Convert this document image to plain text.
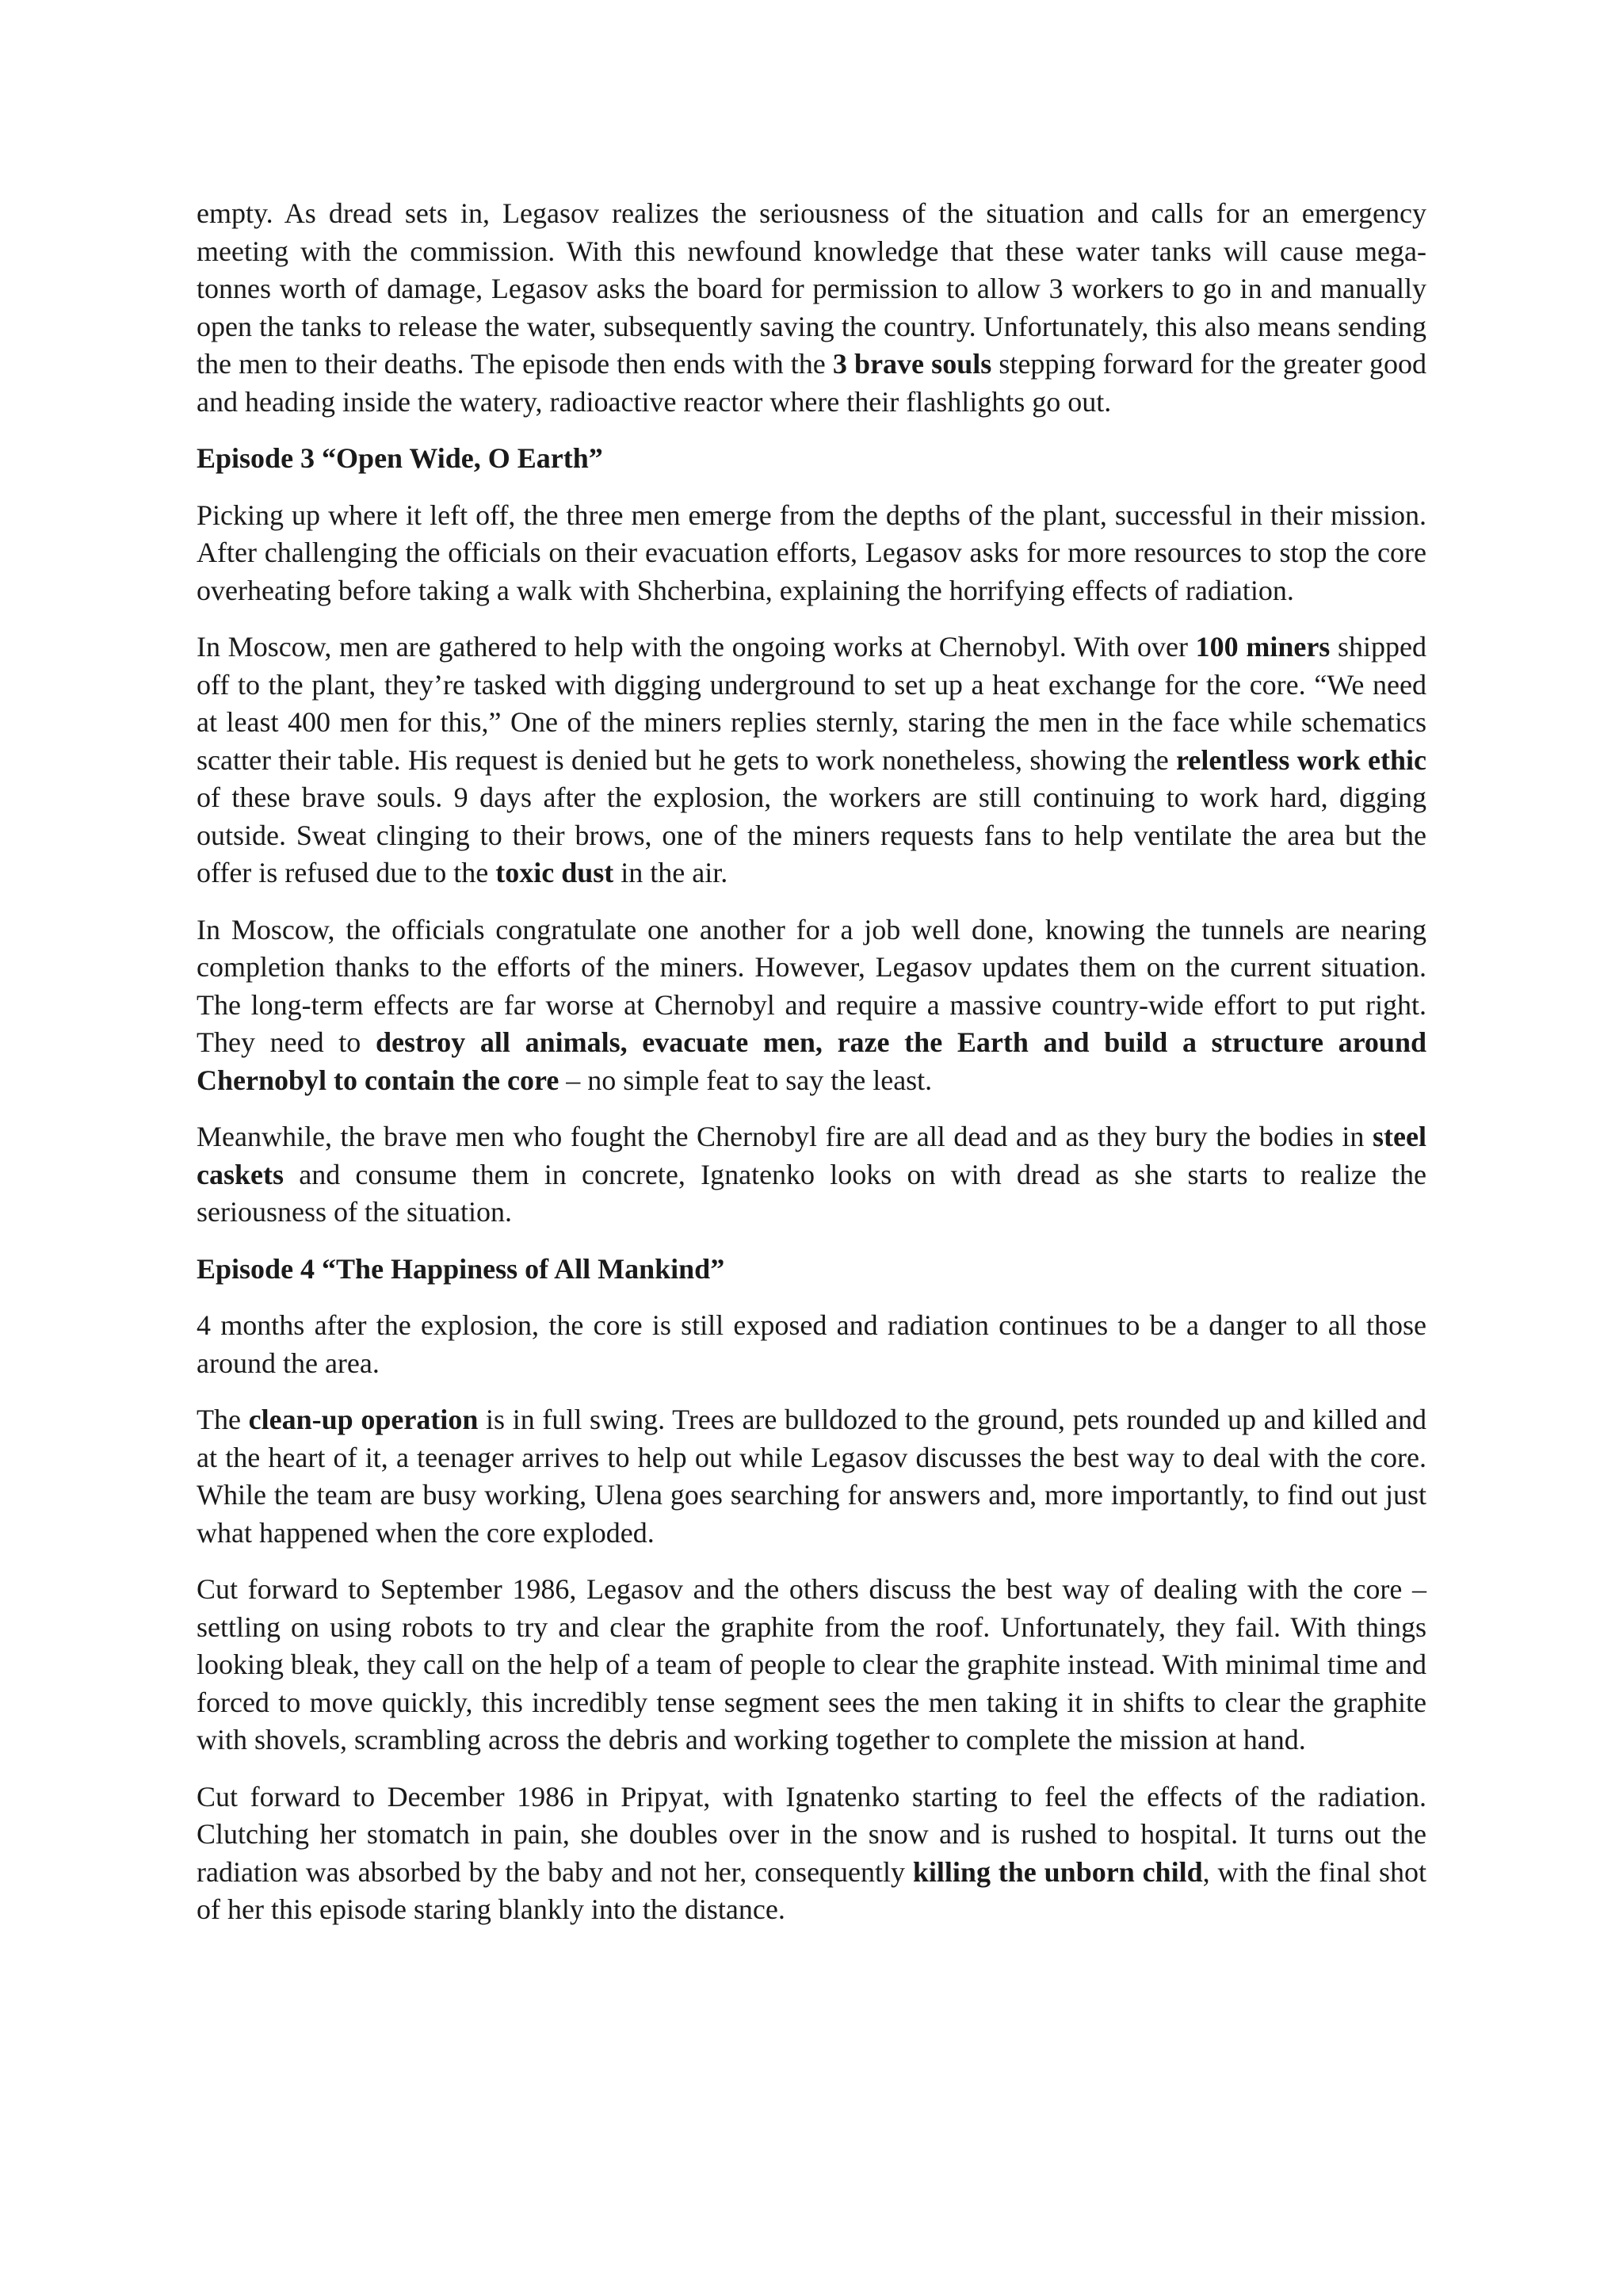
empty. As dread sets in, Legasov realizes the seriousness of the situation and calls for an emergency meeting with the commission. With this newfound knowledge that these water tanks will cause mega-tonnes worth of damage, Legasov asks the board for permission to allow 3 workers to go in and manually open the tanks to release the water, subsequently saving the country. Unfortunately, this also means sending the men to their deaths. The episode then ends with the 3 brave souls stepping forward for the greater good and heading inside the watery, radioactive reactor where their flashlights go out.

Episode 3 “Open Wide, O Earth”

Picking up where it left off, the three men emerge from the depths of the plant, successful in their mission. After challenging the officials on their evacuation efforts, Legasov asks for more resources to stop the core overheating before taking a walk with Shcherbina, explaining the horrifying effects of radiation.

In Moscow, men are gathered to help with the ongoing works at Chernobyl. With over 100 miners shipped off to the plant, they’re tasked with digging underground to set up a heat exchange for the core. “We need at least 400 men for this,” One of the miners replies sternly, staring the men in the face while schematics scatter their table. His request is denied but he gets to work nonetheless, showing the relentless work ethic of these brave souls. 9 days after the explosion, the workers are still continuing to work hard, digging outside. Sweat clinging to their brows, one of the miners requests fans to help ventilate the area but the offer is refused due to the toxic dust in the air.

In Moscow, the officials congratulate one another for a job well done, knowing the tunnels are nearing completion thanks to the efforts of the miners. However, Legasov updates them on the current situation. The long-term effects are far worse at Chernobyl and require a massive country-wide effort to put right. They need to destroy all animals, evacuate men, raze the Earth and build a structure around Chernobyl to contain the core – no simple feat to say the least.

Meanwhile, the brave men who fought the Chernobyl fire are all dead and as they bury the bodies in steel caskets and consume them in concrete, Ignatenko looks on with dread as she starts to realize the seriousness of the situation.

Episode 4 “The Happiness of All Mankind”

4 months after the explosion, the core is still exposed and radiation continues to be a danger to all those around the area.

The clean-up operation is in full swing. Trees are bulldozed to the ground, pets rounded up and killed and at the heart of it, a teenager arrives to help out while Legasov discusses the best way to deal with the core. While the team are busy working, Ulena goes searching for answers and, more importantly, to find out just what happened when the core exploded.

Cut forward to September 1986, Legasov and the others discuss the best way of dealing with the core – settling on using robots to try and clear the graphite from the roof. Unfortunately, they fail. With things looking bleak, they call on the help of a team of people to clear the graphite instead. With minimal time and forced to move quickly, this incredibly tense segment sees the men taking it in shifts to clear the graphite with shovels, scrambling across the debris and working together to complete the mission at hand.

Cut forward to December 1986 in Pripyat, with Ignatenko starting to feel the effects of the radiation. Clutching her stomatch in pain, she doubles over in the snow and is rushed to hospital. It turns out the radiation was absorbed by the baby and not her, consequently killing the unborn child, with the final shot of her this episode staring blankly into the distance.
